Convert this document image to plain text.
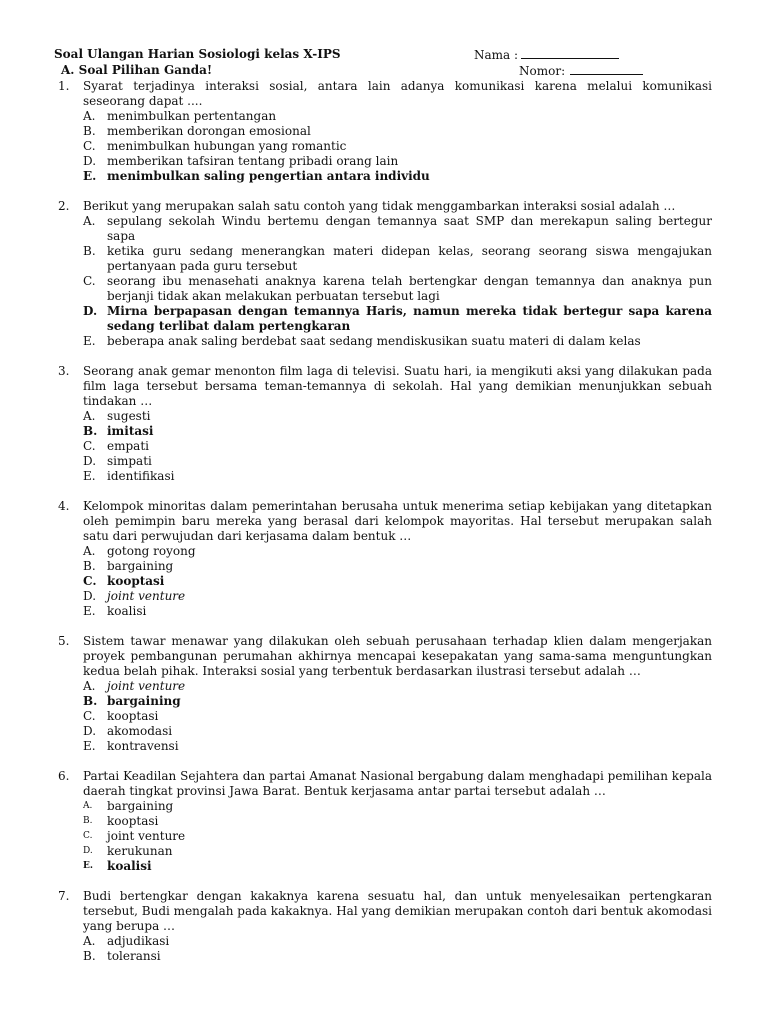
Soal Ulangan Harian Sosiologi kelas X-IPS
A. Soal Pilihan Ganda!
Nama :
Nomor:
1. Syarat terjadinya interaksi sosial, antara lain adanya komunikasi karena melalui komunikasi seseorang dapat ....
A. menimbulkan pertentangan
B. memberikan dorongan emosional
C. menimbulkan hubungan yang romantic
D. memberikan tafsiran tentang pribadi orang lain
E. menimbulkan saling pengertian antara individu
2. Berikut yang merupakan salah satu contoh yang tidak menggambarkan interaksi sosial adalah …
A. sepulang sekolah Windu bertemu dengan temannya saat SMP dan merekapun saling bertegur sapa
B. ketika guru sedang menerangkan materi didepan kelas, seorang seorang siswa mengajukan pertanyaan pada guru tersebut
C. seorang ibu menasehati anaknya karena telah bertengkar dengan temannya dan anaknya pun berjanji tidak akan melakukan perbuatan tersebut lagi
D. Mirna berpapasan dengan temannya Haris, namun mereka tidak bertegur sapa karena sedang terlibat dalam pertengkaran
E. beberapa anak saling berdebat saat sedang mendiskusikan suatu materi di dalam kelas
3. Seorang anak gemar menonton film laga di televisi. Suatu hari, ia mengikuti aksi yang dilakukan pada film laga tersebut bersama teman-temannya di sekolah. Hal yang demikian menunjukkan sebuah tindakan …
A. sugesti
B. imitasi
C. empati
D. simpati
E. identifikasi
4. Kelompok minoritas dalam pemerintahan berusaha untuk menerima setiap kebijakan yang ditetapkan oleh pemimpin baru mereka yang berasal dari kelompok mayoritas. Hal tersebut merupakan salah satu dari perwujudan dari kerjasama dalam bentuk …
A. gotong royong
B. bargaining
C. kooptasi
D. joint venture
E. koalisi
5. Sistem tawar menawar yang dilakukan oleh sebuah perusahaan terhadap klien dalam mengerjakan proyek pembangunan perumahan akhirnya mencapai kesepakatan yang sama-sama menguntungkan kedua belah pihak. Interaksi sosial yang terbentuk berdasarkan ilustrasi tersebut adalah …
A. joint venture
B. bargaining
C. kooptasi
D. akomodasi
E. kontravensi
6. Partai Keadilan Sejahtera dan partai Amanat Nasional bergabung dalam menghadapi pemilihan kepala daerah tingkat provinsi Jawa Barat. Bentuk kerjasama antar partai tersebut adalah …
A. bargaining
B. kooptasi
C. joint venture
D. kerukunan
E. koalisi
7. Budi bertengkar dengan kakaknya karena sesuatu hal, dan untuk menyelesaikan pertengkaran tersebut, Budi mengalah pada kakaknya. Hal yang demikian merupakan contoh dari bentuk akomodasi yang berupa …
A. adjudikasi
B. toleransi
